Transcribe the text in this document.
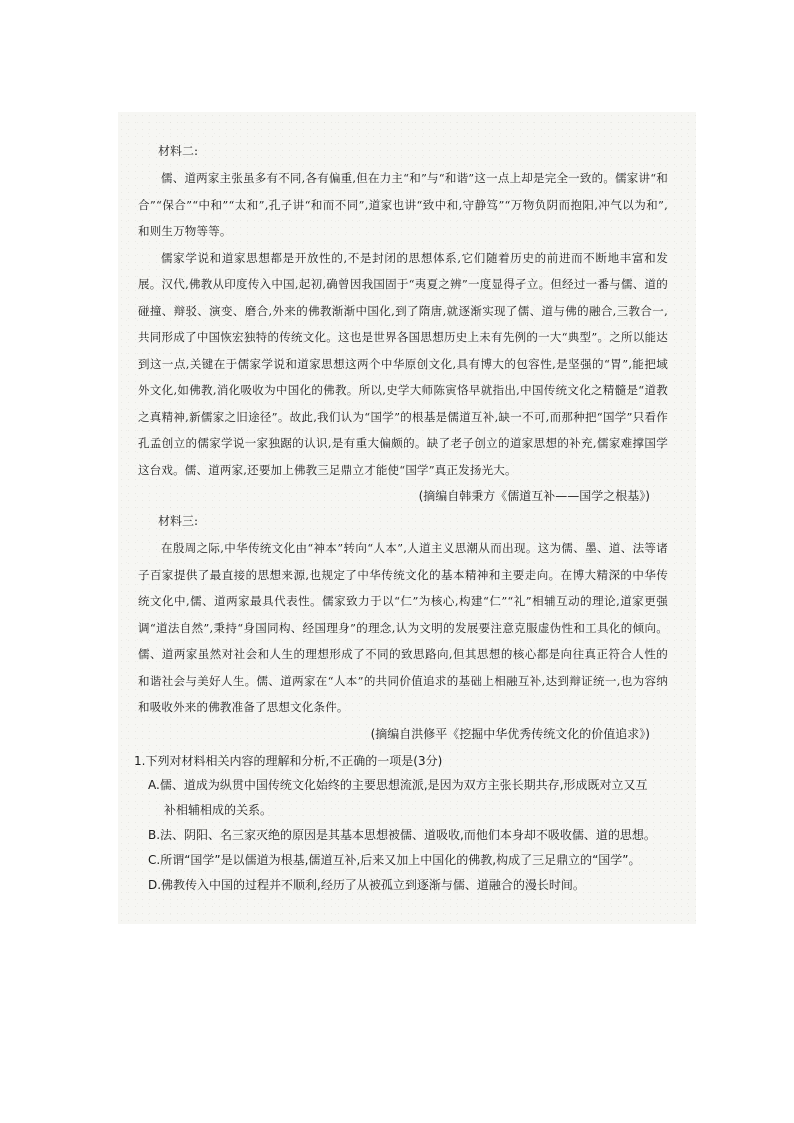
材料二:

儒、道两家主张虽多有不同,各有偏重,但在力主“和”与“和谐”这一点上却是完全一致的。儒家讲“和合”“保合”“中和”“太和”,孔子讲“和而不同”,道家也讲“致中和,守静笃”“万物负阴而抱阳,冲气以为和”,和则生万物等等。

儒家学说和道家思想都是开放性的,不是封闭的思想体系,它们随着历史的前进而不断地丰富和发展。汉代,佛教从印度传入中国,起初,确曾因我国固于“夷夏之辨”一度显得孑立。但经过一番与儒、道的碰撞、辩驳、演变、磨合,外来的佛教渐渐中国化,到了隋唐,就逐渐实现了儒、道与佛的融合,三教合一,共同形成了中国恢宏独特的传统文化。这也是世界各国思想历史上未有先例的一大“典型”。之所以能达到这一点,关键在于儒家学说和道家思想这两个中华原创文化,具有博大的包容性,是坚强的“胃”,能把域外文化,如佛教,消化吸收为中国化的佛教。所以,史学大师陈寅恪早就指出,中国传统文化之精髓是“道教之真精神,新儒家之旧途径”。故此,我们认为“国学”的根基是儒道互补,缺一不可,而那种把“国学”只看作孔孟创立的儒家学说一家独踞的认识,是有重大偏颇的。缺了老子创立的道家思想的补充,儒家难撑国学这台戏。儒、道两家,还要加上佛教三足鼎立才能使“国学”真正发扬光大。

(摘编自韩秉方《儒道互补——国学之根基》)
材料三:

在殷周之际,中华传统文化由“神本”转向“人本”,人道主义思潮从而出现。这为儒、墨、道、法等诸子百家提供了最直接的思想来源,也规定了中华传统文化的基本精神和主要走向。在博大精深的中华传统文化中,儒、道两家最具代表性。儒家致力于以“仁”为核心,构建“仁”“礼”相辅互动的理论,道家更强调“道法自然”,秉持“身国同构、经国理身”的理念,认为文明的发展要注意克服虚伪性和工具化的倾向。儒、道两家虽然对社会和人生的理想形成了不同的致思路向,但其思想的核心都是向往真正符合人性的和谐社会与美好人生。儒、道两家在“人本”的共同价值追求的基础上相融互补,达到辩证统一,也为容纳和吸收外来的佛教准备了思想文化条件。

(摘编自洪修平《挖掘中华优秀传统文化的价值追求》)
1.下列对材料相关内容的理解和分析,不正确的一项是(3分)
A.儒、道成为纵贯中国传统文化始终的主要思想流派,是因为双方主张长期共存,形成既对立又互
补相辅相成的关系。
B.法、阴阳、名三家灭绝的原因是其基本思想被儒、道吸收,而他们本身却不吸收儒、道的思想。
C.所谓“国学”是以儒道为根基,儒道互补,后来又加上中国化的佛教,构成了三足鼎立的“国学”。
D.佛教传入中国的过程并不顺利,经历了从被孤立到逐渐与儒、道融合的漫长时间。
